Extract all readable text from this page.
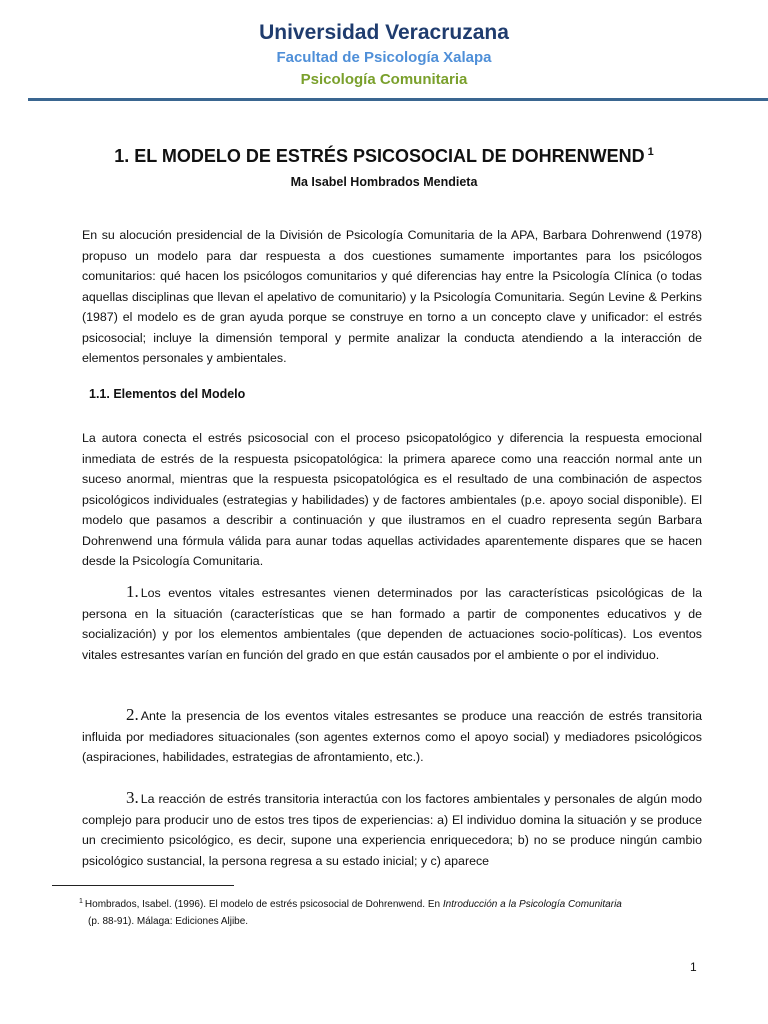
Universidad Veracruzana
Facultad de Psicología Xalapa
Psicología Comunitaria
1. EL MODELO DE ESTRÉS PSICOSOCIAL DE DOHRENWEND $^1$
Ma Isabel Hombrados Mendieta

En su alocución presidencial de la División de Psicología Comunitaria de la APA, Barbara Dohrenwend (1978) propuso un modelo para dar respuesta a dos cuestiones sumamente importantes para los psicólogos comunitarios: qué hacen los psicólogos comunitarios y qué diferencias hay entre la Psicología Clínica (o todas aquellas disciplinas que llevan el apelativo de comunitario) y la Psicología Comunitaria. Según Levine & Perkins (1987) el modelo es de gran ayuda porque se construye en torno a un concepto clave y unificador: el estrés psicosocial; incluye la dimensión temporal y permite analizar la conducta atendiendo a la interacción de elementos personales y ambientales.

1.1. Elementos del Modelo

La autora conecta el estrés psicosocial con el proceso psicopatológico y diferencia la respuesta emocional inmediata de estrés de la respuesta psicopatológica: la primera aparece como una reacción normal ante un suceso anormal, mientras que la respuesta psicopatológica es el resultado de una combinación de aspectos psicológicos individuales (estrategias y habilidades) y de factores ambientales (p.e. apoyo social disponible). El modelo que pasamos a describir a continuación y que ilustramos en el cuadro representa según Barbara Dohrenwend una fórmula válida para aunar todas aquellas actividades aparentemente dispares que se hacen desde la Psicología Comunitaria.

1. Los eventos vitales estresantes vienen determinados por las características psicológicas de la persona en la situación (características que se han formado a partir de componentes educativos y de socialización) y por los elementos ambientales (que dependen de actuaciones socio-políticas). Los eventos vitales estresantes varían en función del grado en que están causados por el ambiente o por el individuo.

2. Ante la presencia de los eventos vitales estresantes se produce una reacción de estrés transitoria influida por mediadores situacionales (son agentes externos como el apoyo social) y mediadores psicológicos (aspiraciones, habilidades, estrategias de afrontamiento, etc.).

3. La reacción de estrés transitoria interactúa con los factores ambientales y personales de algún modo complejo para producir uno de estos tres tipos de experiencias: a) El individuo domina la situación y se produce un crecimiento psicológico, es decir, supone una experiencia enriquecedora; b) no se produce ningún cambio psicológico sustancial, la persona regresa a su estado inicial; y c) aparece

$^1$ Hombrados, Isabel. (1996). El modelo de estrés psicosocial de Dohrenwend. En Introducción a la Psicología Comunitaria
(p. 88-91). Málaga: Ediciones Aljibe.
1
